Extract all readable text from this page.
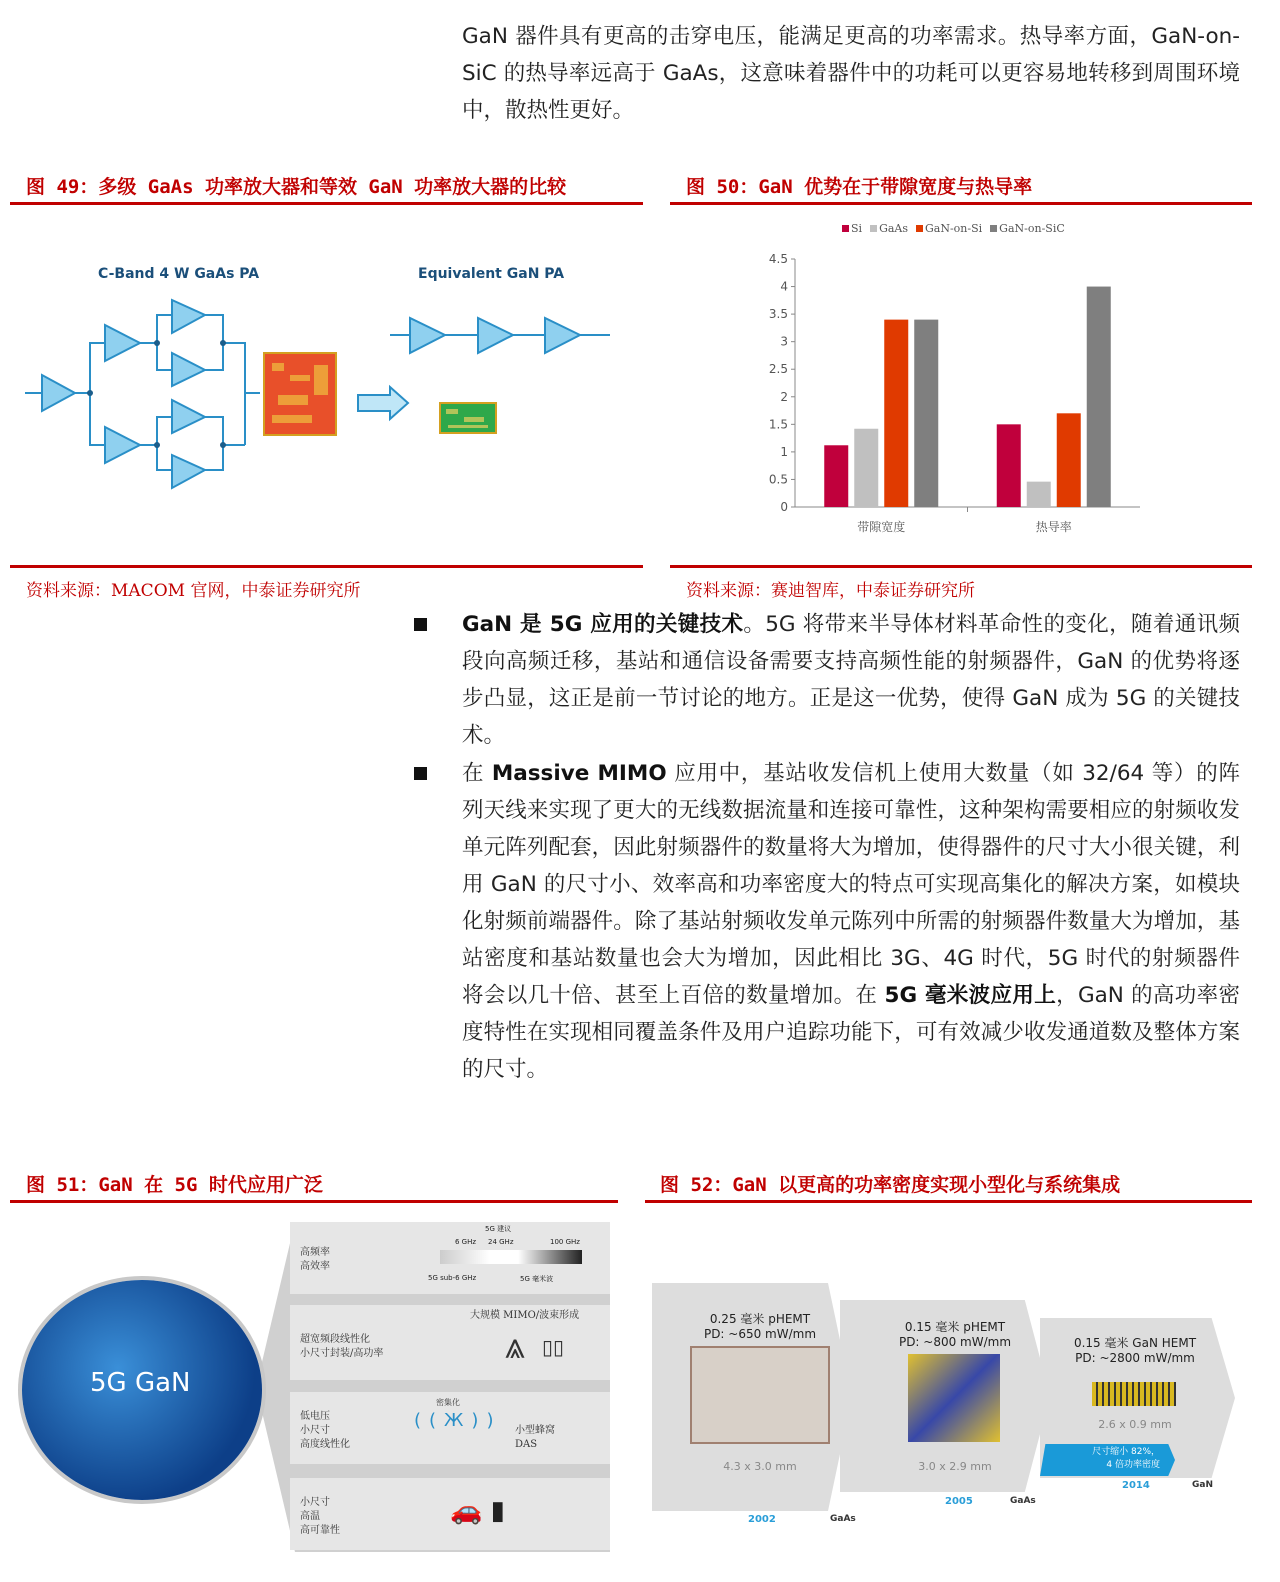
GaN 器件具有更高的击穿电压，能满足更高的功率需求。热导率方面，GaN-on-SiC 的热导率远高于 GaAs，这意味着器件中的功耗可以更容易地转移到周围环境中，散热性更好。
图 49：多级 GaAs 功率放大器和等效 GaN 功率放大器的比较
C-Band 4 W GaAs PA	Equivalent GaN PA
资料来源：MACOM 官网，中泰证券研究所
图 50：GaN 优势在于带隙宽度与热导率
Si	GaAs	GaN-on-Si	GaN-on-SiC
0
0.5
1
1.5
2
2.5
3
3.5
4
4.5
带隙宽度	热导率
资料来源：赛迪智库，中泰证券研究所
GaN 是 5G 应用的关键技术。5G 将带来半导体材料革命性的变化，随着通讯频段向高频迁移，基站和通信设备需要支持高频性能的射频器件，GaN 的优势将逐步凸显，这正是前一节讨论的地方。正是这一优势，使得 GaN 成为 5G 的关键技术。
在 Massive MIMO 应用中，基站收发信机上使用大数量（如 32/64 等）的阵列天线来实现了更大的无线数据流量和连接可靠性，这种架构需要相应的射频收发单元阵列配套，因此射频器件的数量将大为增加，使得器件的尺寸大小很关键，利用 GaN 的尺寸小、效率高和功率密度大的特点可实现高集化的解决方案，如模块化射频前端器件。除了基站射频收发单元陈列中所需的射频器件数量大为增加，基站密度和基站数量也会大为增加，因此相比 3G、4G 时代，5G 时代的射频器件将会以几十倍、甚至上百倍的数量增加。在 5G 毫米波应用上，GaN 的高功率密度特性在实现相同覆盖条件及用户追踪功能下，可有效减少收发通道数及整体方案的尺寸。
图 51：GaN 在 5G 时代应用广泛
5G GaN
高频率
高效率
5G 建议
6 GHz 24 GHz	100 GHz
5G sub-6 GHz	5G 毫米波
超宽频段线性化
小尺寸封装/高功率
大规模 MIMO/波束形成
⩓ ▯▯
低电压
小尺寸
高度线性化
密集化
((Ж)) 小型蜂窝
DAS
小尺寸
高温
高可靠性
🚗 ▮
图 52：GaN 以更高的功率密度实现小型化与系统集成
0.25 毫米 pHEMT
PD: ~650 mW/mm
4.3 x 3.0 mm
2002	GaAs
0.15 毫米 pHEMT
PD: ~800 mW/mm
3.0 x 2.9 mm
2005	GaAs
0.15 毫米 GaN HEMT
PD: ~2800 mW/mm
2.6 x 0.9 mm
尺寸缩小 82%，
4 倍功率密度
2014	GaN
